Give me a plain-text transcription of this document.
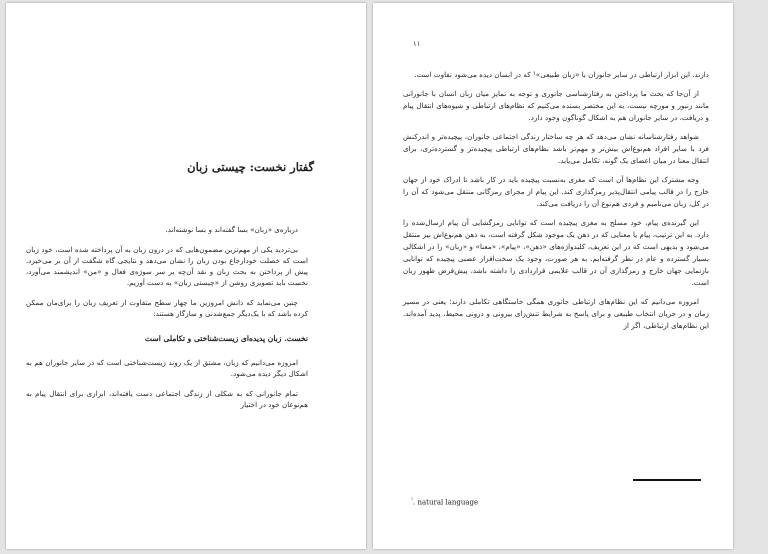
گفتار نخست: چیستی زبان

درباره‌ی «زبان» بسا گفته‌اند و بسا نوشته‌اند.

بی‌تردید یکی از مهم‌ترین مضمون‌هایی که در درون زبان به آن پرداخته شده است، خود زبان است که خصلت خودارجاع بودن زبان را نشان می‌دهد و نتایجی گاه شگفت از آن بر می‌خیزد. پیش از پرداختن به بحث زبان و نقد آن‌چه بر سر سوژه‌ی فعال و «من» اندیشمند می‌آورد، نخست باید تصویری روشن از «چیستی زبان» به دست آوریم.

چنین می‌نماید که دانش امروزین ما چهار سطح متفاوت از تعریف زبان را برای‌مان ممکن کرده باشد که با یک‌دیگر جمع‌شدنی و سازگار هستند:

نخست. زبان پدیده‌ای زیست‌شناختی و تکاملی است

امروزه می‌دانیم که زبان، مشتق از یک روند زیست‌شناختی است که در سایر جانوران هم به اشکال دیگر دیده می‌شود.

تمام جانورانی که به شکلی از زندگی اجتماعی دست یافته‌اند، ابزاری برای انتقال پیام به هم‌نوعان خود در اختیار

۱۱

دارند. این ابزار ارتباطی در سایر جانوران با «زبان طبیعی»¹ که در انسان دیده می‌شود تفاوت است.

از آن‌جا که بحث ما پرداختن به رفتارشناسی جانوری و توجه به تمایز میان زبان انسان با جانورانی مانند زنبور و مورچه نیست، به این مختصر بسنده می‌کنیم که نظام‌های ارتباطی و شیوه‌های انتقال پیام و دریافت، در سایر جانوران هم به اشکال گوناگون وجود دارد.

شواهد رفتارشناسانه نشان می‌دهد که هر چه ساختار زندگی اجتماعی جانوران، پیچیده‌تر و اندرکنش فرد با سایر افراد هم‌نوع‌اش بیش‌تر و مهم‌تر باشد نظام‌های ارتباطی پیچیده‌تر و گسترده‌تری، برای انتقال معنا در میان اعضای یک گونه، تکامل می‌یابد.

وجه مشترک این نظام‌ها آن است که مغزی به‌نسبت پیچیده باید در کار باشد تا ادراک خود از جهان خارج را در قالب پیامی انتقال‌پذیر رمزگذاری کند. این پیام از مجرای رمزگانی منتقل می‌شود که آن را در کل، زبان می‌نامیم و فردی هم‌نوع آن را دریافت می‌کند.

این گیرنده‌ی پیام، خود مسلح به مغزی پیچیده است که توانایی رمزگشایی آن پیام ارسال‌شده را دارد. به این ترتیب، پیام یا معنایی که در ذهن یک موجود شکل گرفته است، به ذهن هم‌نوع‌اش نیز منتقل می‌شود و بدیهی است که در این تعریف، کلیدواژه‌های «ذهن»، «پیام»، «معنا» و «زبان» را در اشکالی بسیار گسترده و عام در نظر گرفته‌ایم. به هر صورت، وجود یک سخت‌افزار عصبی پیچیده که توانایی بازنمایی جهان خارج و رمزگذاری آن در قالب علایمی قراردادی را داشته باشد، پیش‌فرض ظهور زبان است.

امروزه می‌دانیم که این نظام‌های ارتباطی جانوری همگی خاستگاهی تکاملی دارند؛ یعنی در مسیر زمان و در جریان انتخاب طبیعی و برای پاسخ به شرایط تنش‌زای بیرونی و درونی محیط، پدید آمده‌اند. این نظام‌های ارتباطی، اگر از

$^{^1}$. natural language
